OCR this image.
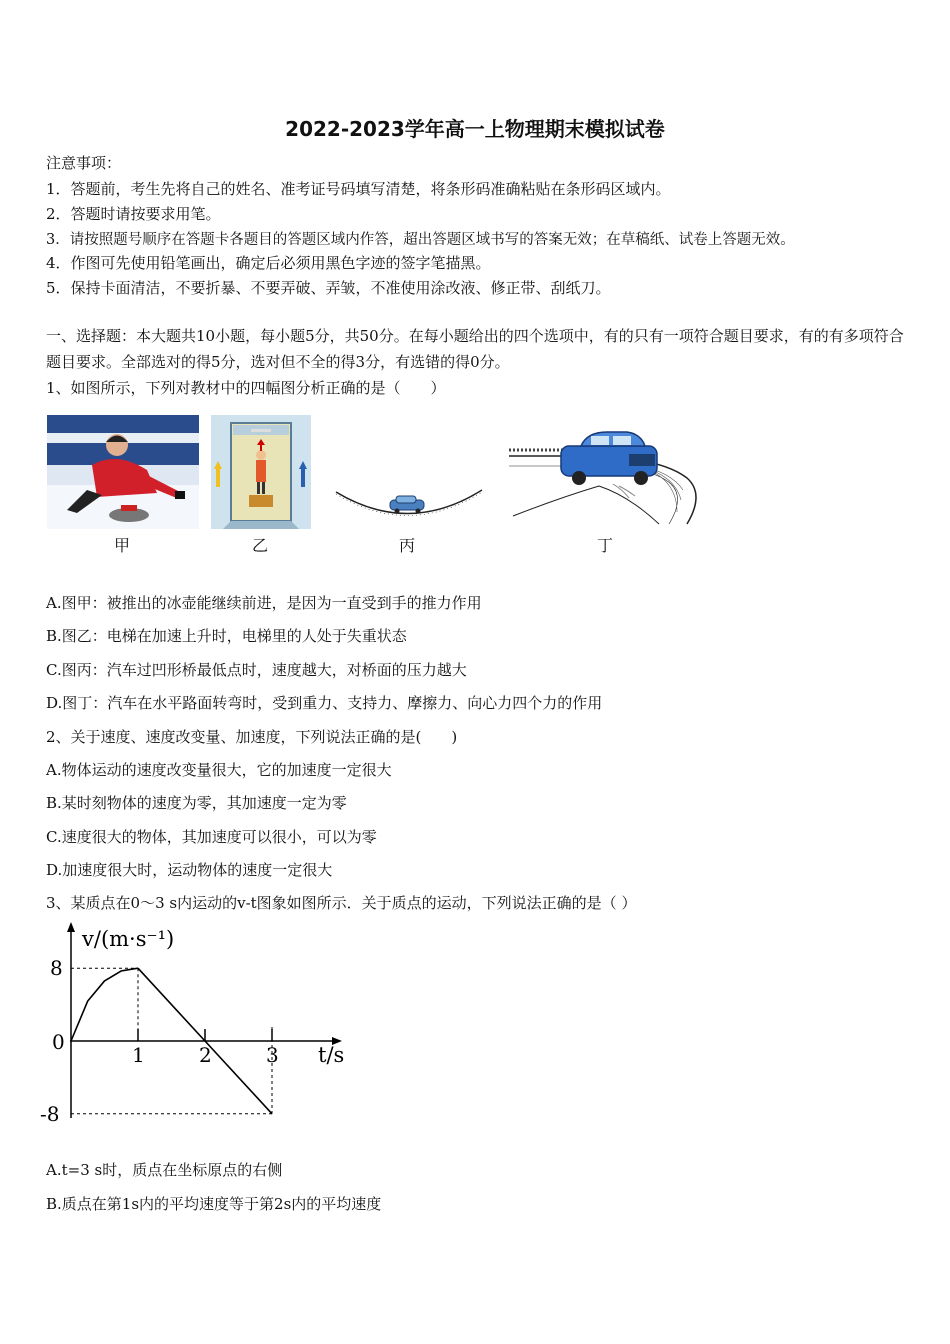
2022-2023学年高一上物理期末模拟试卷
注意事项：
1．答题前，考生先将自己的姓名、准考证号码填写清楚，将条形码准确粘贴在条形码区域内。
2．答题时请按要求用笔。
3．请按照题号顺序在答题卡各题目的答题区域内作答，超出答题区域书写的答案无效；在草稿纸、试卷上答题无效。
4．作图可先使用铅笔画出，确定后必须用黑色字迹的签字笔描黑。
5．保持卡面清洁，不要折暴、不要弄破、弄皱，不准使用涂改液、修正带、刮纸刀。
一、选择题：本大题共10小题，每小题5分，共50分。在每小题给出的四个选项中，有的只有一项符合题目要求，有的有多项符合题目要求。全部选对的得5分，选对但不全的得3分，有选错的得0分。
1、如图所示，下列对教材中的四幅图分析正确的是（　　）
甲	乙	丙	丁
A.图甲：被推出的冰壶能继续前进，是因为一直受到手的推力作用
B.图乙：电梯在加速上升时，电梯里的人处于失重状态
C.图丙：汽车过凹形桥最低点时，速度越大，对桥面的压力越大
D.图丁：汽车在水平路面转弯时，受到重力、支持力、摩擦力、向心力四个力的作用
2、关于速度、速度改变量、加速度，下列说法正确的是(　　)
A.物体运动的速度改变量很大，它的加速度一定很大
B.某时刻物体的速度为零，其加速度一定为零
C.速度很大的物体，其加速度可以很小，可以为零
D.加速度很大时，运动物体的速度一定很大
3、某质点在0～3 s内运动的v-t图象如图所示．关于质点的运动，下列说法正确的是（ ）
v/(m·s⁻¹)
t/s
0
1	2	3
8
-8
A.t=3 s时，质点在坐标原点的右侧
B.质点在第1s内的平均速度等于第2s内的平均速度
